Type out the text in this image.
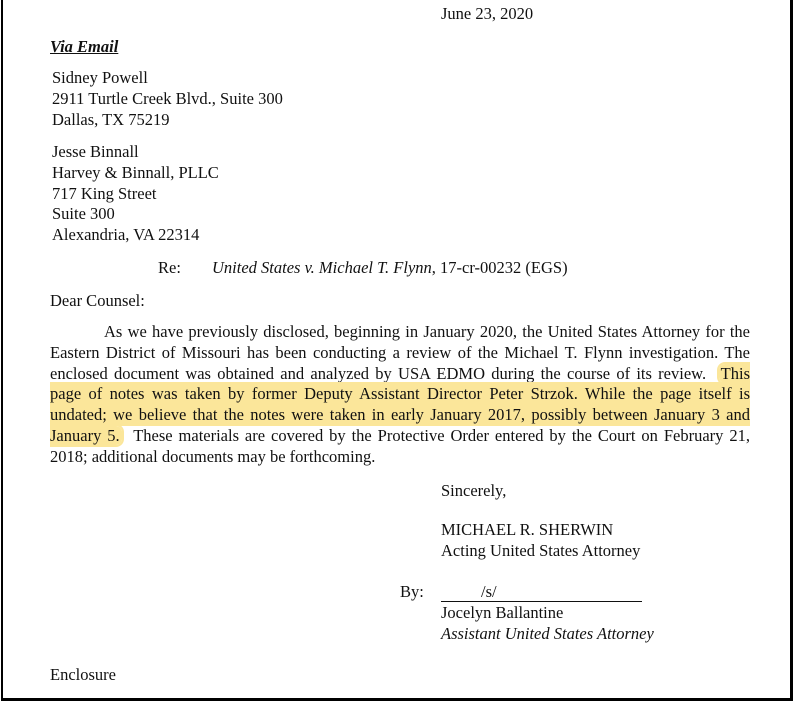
June 23, 2020
Via Email
Sidney Powell
2911 Turtle Creek Blvd., Suite 300
Dallas, TX 75219
Jesse Binnall
Harvey & Binnall, PLLC
717 King Street
Suite 300
Alexandria, VA 22314
Re: United States v. Michael T. Flynn, 17-cr-00232 (EGS)
Dear Counsel:
As we have previously disclosed, beginning in January 2020, the United States Attorney for the Eastern District of Missouri has been conducting a review of the Michael T. Flynn investigation. The enclosed document was obtained and analyzed by USA EDMO during the course of its review. This page of notes was taken by former Deputy Assistant Director Peter Strzok. While the page itself is undated; we believe that the notes were taken in early January 2017, possibly between January 3 and January 5. These materials are covered by the Protective Order entered by the Court on February 21, 2018; additional documents may be forthcoming.
Sincerely,
MICHAEL R. SHERWIN
Acting United States Attorney
By:	/s/
Jocelyn Ballantine
Assistant United States Attorney
Enclosure
